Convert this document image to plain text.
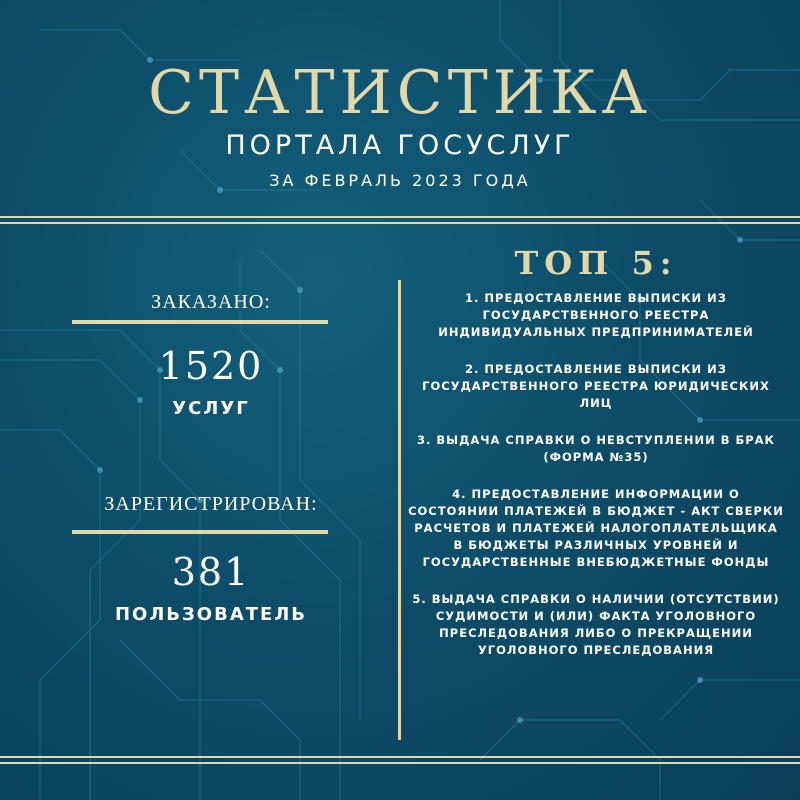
СТАТИСТИКА
ПОРТАЛА ГОСУСЛУГ
ЗА ФЕВРАЛЬ 2023 ГОДА
ЗАКАЗАНО:
1520
УСЛУГ
ЗАРЕГИСТРИРОВАН:
381
ПОЛЬЗОВАТЕЛЬ
ТОП 5:
1. ПРЕДОСТАВЛЕНИЕ ВЫПИСКИ ИЗ ГОСУДАРСТВЕННОГО РЕЕСТРА ИНДИВИДУАЛЬНЫХ ПРЕДПРИНИМАТЕЛЕЙ
2. ПРЕДОСТАВЛЕНИЕ ВЫПИСКИ ИЗ ГОСУДАРСТВЕННОГО РЕЕСТРА ЮРИДИЧЕСКИХ ЛИЦ
3. ВЫДАЧА СПРАВКИ О НЕВСТУПЛЕНИИ В БРАК (ФОРМА №35)
4. ПРЕДОСТАВЛЕНИЕ ИНФОРМАЦИИ О СОСТОЯНИИ ПЛАТЕЖЕЙ В БЮДЖЕТ - АКТ СВЕРКИ РАСЧЕТОВ И ПЛАТЕЖЕЙ НАЛОГОПЛАТЕЛЬЩИКА В БЮДЖЕТЫ РАЗЛИЧНЫХ УРОВНЕЙ И ГОСУДАРСТВЕННЫЕ ВНЕБЮДЖЕТНЫЕ ФОНДЫ
5. ВЫДАЧА СПРАВКИ О НАЛИЧИИ (ОТСУТСТВИИ) СУДИМОСТИ И (ИЛИ) ФАКТА УГОЛОВНОГО ПРЕСЛЕДОВАНИЯ ЛИБО О ПРЕКРАЩЕНИИ УГОЛОВНОГО ПРЕСЛЕДОВАНИЯ
